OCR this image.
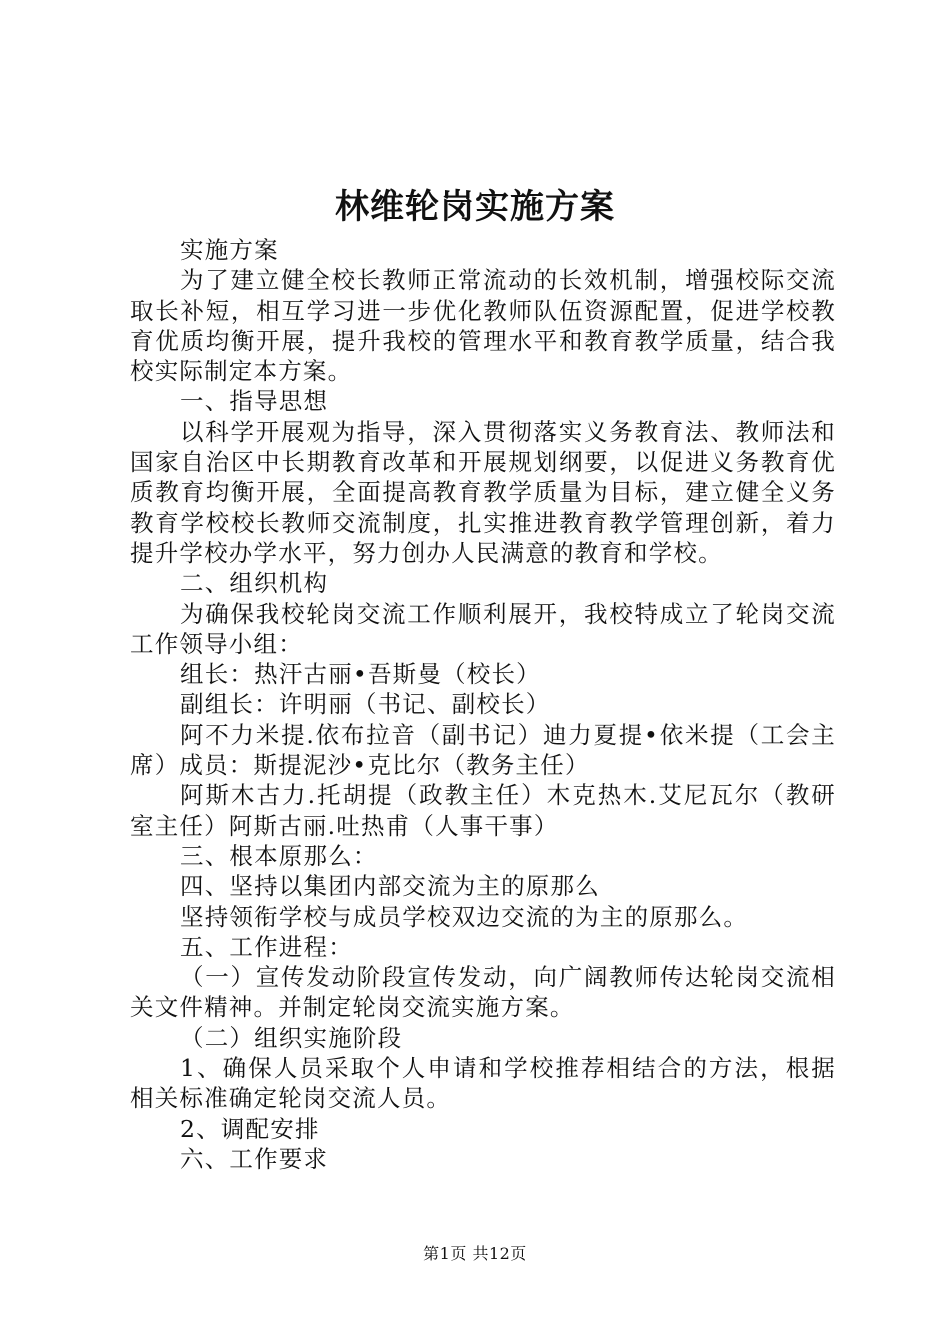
林维轮岗实施方案

实施方案

为了建立健全校长教师正常流动的长效机制，增强校际交流取长补短，相互学习进一步优化教师队伍资源配置，促进学校教育优质均衡开展，提升我校的管理水平和教育教学质量，结合我校实际制定本方案。

一、指导思想

以科学开展观为指导，深入贯彻落实义务教育法、教师法和国家自治区中长期教育改革和开展规划纲要，以促进义务教育优质教育均衡开展，全面提高教育教学质量为目标，建立健全义务教育学校校长教师交流制度，扎实推进教育教学管理创新，着力提升学校办学水平，努力创办人民满意的教育和学校。

二、组织机构

为确保我校轮岗交流工作顺利展开，我校特成立了轮岗交流工作领导小组：

组长：热汗古丽•吾斯曼（校长）

副组长：许明丽（书记、副校长）

阿不力米提.依布拉音（副书记）迪力夏提•依米提（工会主席）成员：斯提泥沙•克比尔（教务主任）

阿斯木古力.托胡提（政教主任）木克热木.艾尼瓦尔（教研室主任）阿斯古丽.吐热甫（人事干事）

三、根本原那么：

四、坚持以集团内部交流为主的原那么

坚持领衔学校与成员学校双边交流的为主的原那么。

五、工作进程：

（一）宣传发动阶段宣传发动，向广阔教师传达轮岗交流相关文件精神。并制定轮岗交流实施方案。

（二）组织实施阶段

1、确保人员采取个人申请和学校推荐相结合的方法，根据相关标准确定轮岗交流人员。

2、调配安排

六、工作要求

第1页 共12页
